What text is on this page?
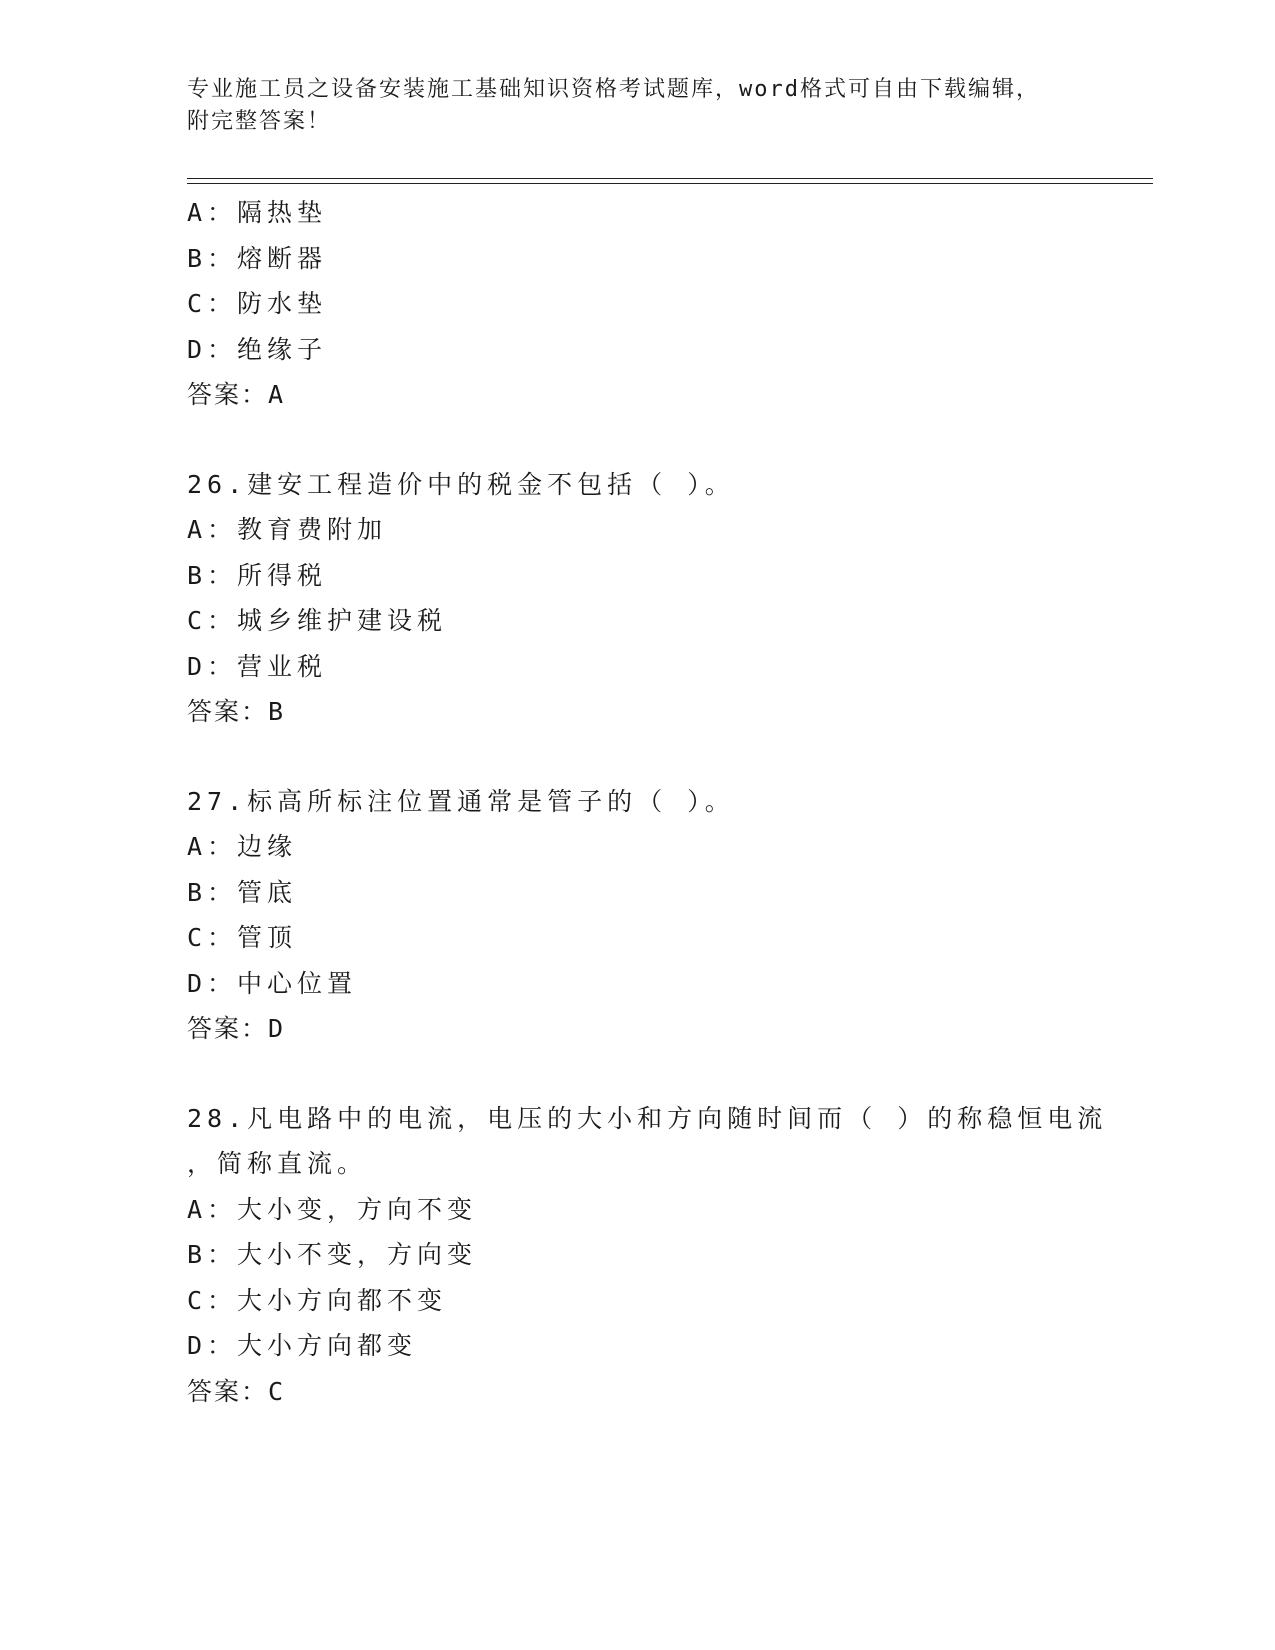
专业施工员之设备安装施工基础知识资格考试题库，word格式可自由下载编辑，
附完整答案！
A：隔热垫
B：熔断器
C：防水垫
D：绝缘子
答案：A
26.建安工程造价中的税金不包括（ ）。
A：教育费附加
B：所得税
C：城乡维护建设税
D：营业税
答案：B
27.标高所标注位置通常是管子的（ ）。
A：边缘
B：管底
C：管顶
D：中心位置
答案：D
28.凡电路中的电流，电压的大小和方向随时间而（ ）的称稳恒电流
，简称直流。
A：大小变，方向不变
B：大小不变，方向变
C：大小方向都不变
D：大小方向都变
答案：C
